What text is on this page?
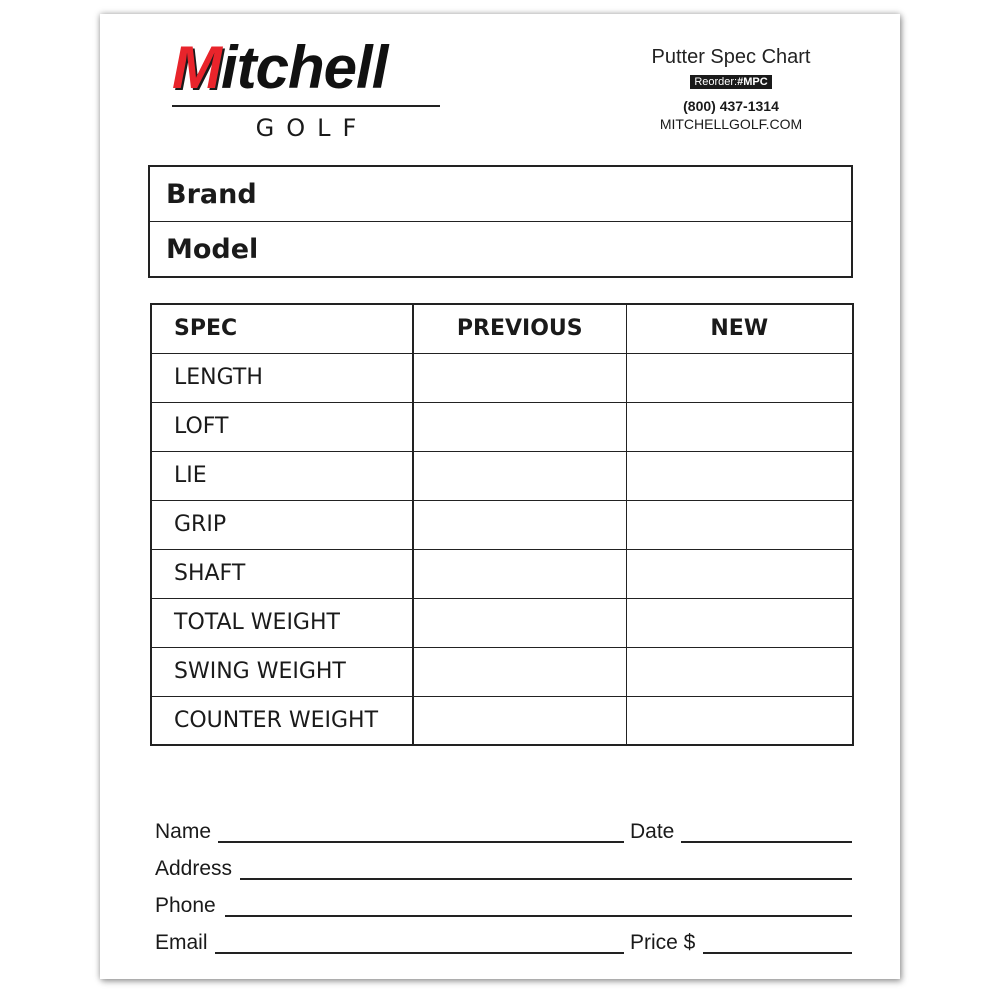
Mitchell
GOLF
Putter Spec Chart
Reorder:#MPC
(800) 437-1314
MITCHELLGOLF.COM
Brand
Model
SPEC	PREVIOUS	NEW
LENGTH		
LOFT		
LIE		
GRIP		
SHAFT		
TOTAL WEIGHT		
SWING WEIGHT		
COUNTER WEIGHT		
Name	Date
Address
Phone
Email	Price $
